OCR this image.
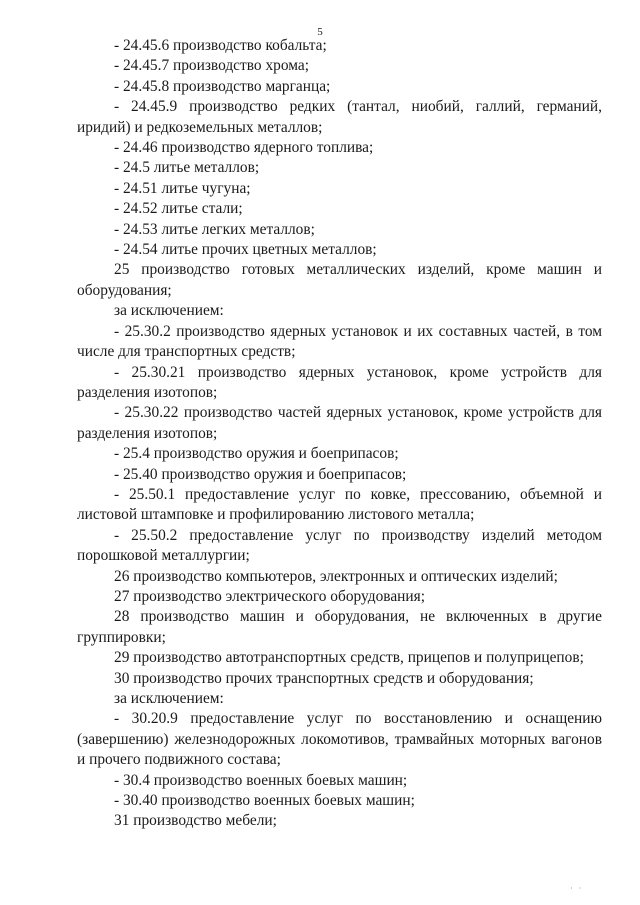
5

- 24.45.6 производство кобальта;

- 24.45.7 производство хрома;

- 24.45.8 производство марганца;

- 24.45.9 производство редких (тантал, ниобий, галлий, германий, иридий) и редкоземельных металлов;

- 24.46 производство ядерного топлива;

- 24.5 литье металлов;

- 24.51 литье чугуна;

- 24.52 литье стали;

- 24.53 литье легких металлов;

- 24.54 литье прочих цветных металлов;

25 производство готовых металлических изделий, кроме машин и оборудования;

за исключением:

- 25.30.2 производство ядерных установок и их составных частей, в том числе для транспортных средств;

- 25.30.21 производство ядерных установок, кроме устройств для разделения изотопов;

- 25.30.22 производство частей ядерных установок, кроме устройств для разделения изотопов;

- 25.4 производство оружия и боеприпасов;

- 25.40 производство оружия и боеприпасов;

- 25.50.1 предоставление услуг по ковке, прессованию, объемной и листовой штамповке и профилированию листового металла;

- 25.50.2 предоставление услуг по производству изделий методом порошковой металлургии;

26 производство компьютеров, электронных и оптических изделий;

27 производство электрического оборудования;

28 производство машин и оборудования, не включенных в другие группировки;

29 производство автотранспортных средств, прицепов и полуприцепов;

30 производство прочих транспортных средств и оборудования;

за исключением:

- 30.20.9 предоставление услуг по восстановлению и оснащению (завершению) железнодорожных локомотивов, трамвайных моторных вагонов и прочего подвижного состава;

- 30.4 производство военных боевых машин;

- 30.40 производство военных боевых машин;

31 производство мебели;

· ·
